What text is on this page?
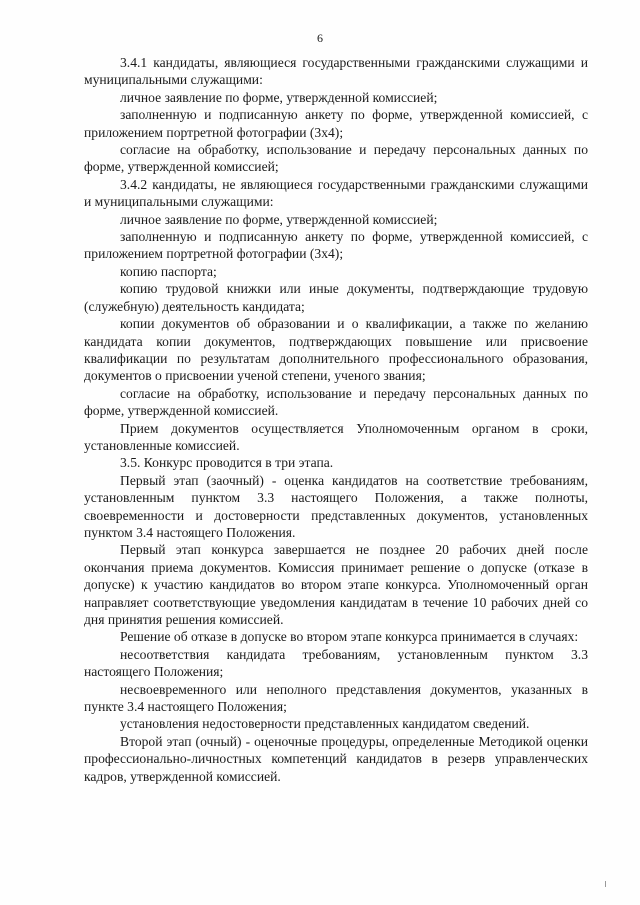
6

3.4.1 кандидаты, являющиеся государственными гражданскими служащими и муниципальными служащими:

личное заявление по форме, утвержденной комиссией;

заполненную и подписанную анкету по форме, утвержденной комиссией, с приложением портретной фотографии (3х4);

согласие на обработку, использование и передачу персональных данных по форме, утвержденной комиссией;

3.4.2 кандидаты, не являющиеся государственными гражданскими служащими и муниципальными служащими:

личное заявление по форме, утвержденной комиссией;

заполненную и подписанную анкету по форме, утвержденной комиссией, с приложением портретной фотографии (3х4);

копию паспорта;

копию трудовой книжки или иные документы, подтверждающие трудовую (служебную) деятельность кандидата;

копии документов об образовании и о квалификации, а также по желанию кандидата копии документов, подтверждающих повышение или присвоение квалификации по результатам дополнительного профессионального образования, документов о присвоении ученой степени, ученого звания;

согласие на обработку, использование и передачу персональных данных по форме, утвержденной комиссией.

Прием документов осуществляется Уполномоченным органом в сроки, установленные комиссией.

3.5. Конкурс проводится в три этапа.

Первый этап (заочный) - оценка кандидатов на соответствие требованиям, установленным пунктом 3.3 настоящего Положения, а также полноты, своевременности и достоверности представленных документов, установленных пунктом 3.4 настоящего Положения.

Первый этап конкурса завершается не позднее 20 рабочих дней после окончания приема документов. Комиссия принимает решение о допуске (отказе в допуске) к участию кандидатов во втором этапе конкурса. Уполномоченный орган направляет соответствующие уведомления кандидатам в течение 10 рабочих дней со дня принятия решения комиссией.

Решение об отказе в допуске во втором этапе конкурса принимается в случаях:

несоответствия кандидата требованиям, установленным пунктом 3.3 настоящего Положения;

несвоевременного или неполного представления документов, указанных в пункте 3.4 настоящего Положения;

установления недостоверности представленных кандидатом сведений.

Второй этап (очный) - оценочные процедуры, определенные Методикой оценки профессионально-личностных компетенций кандидатов в резерв управленческих кадров, утвержденной комиссией.
